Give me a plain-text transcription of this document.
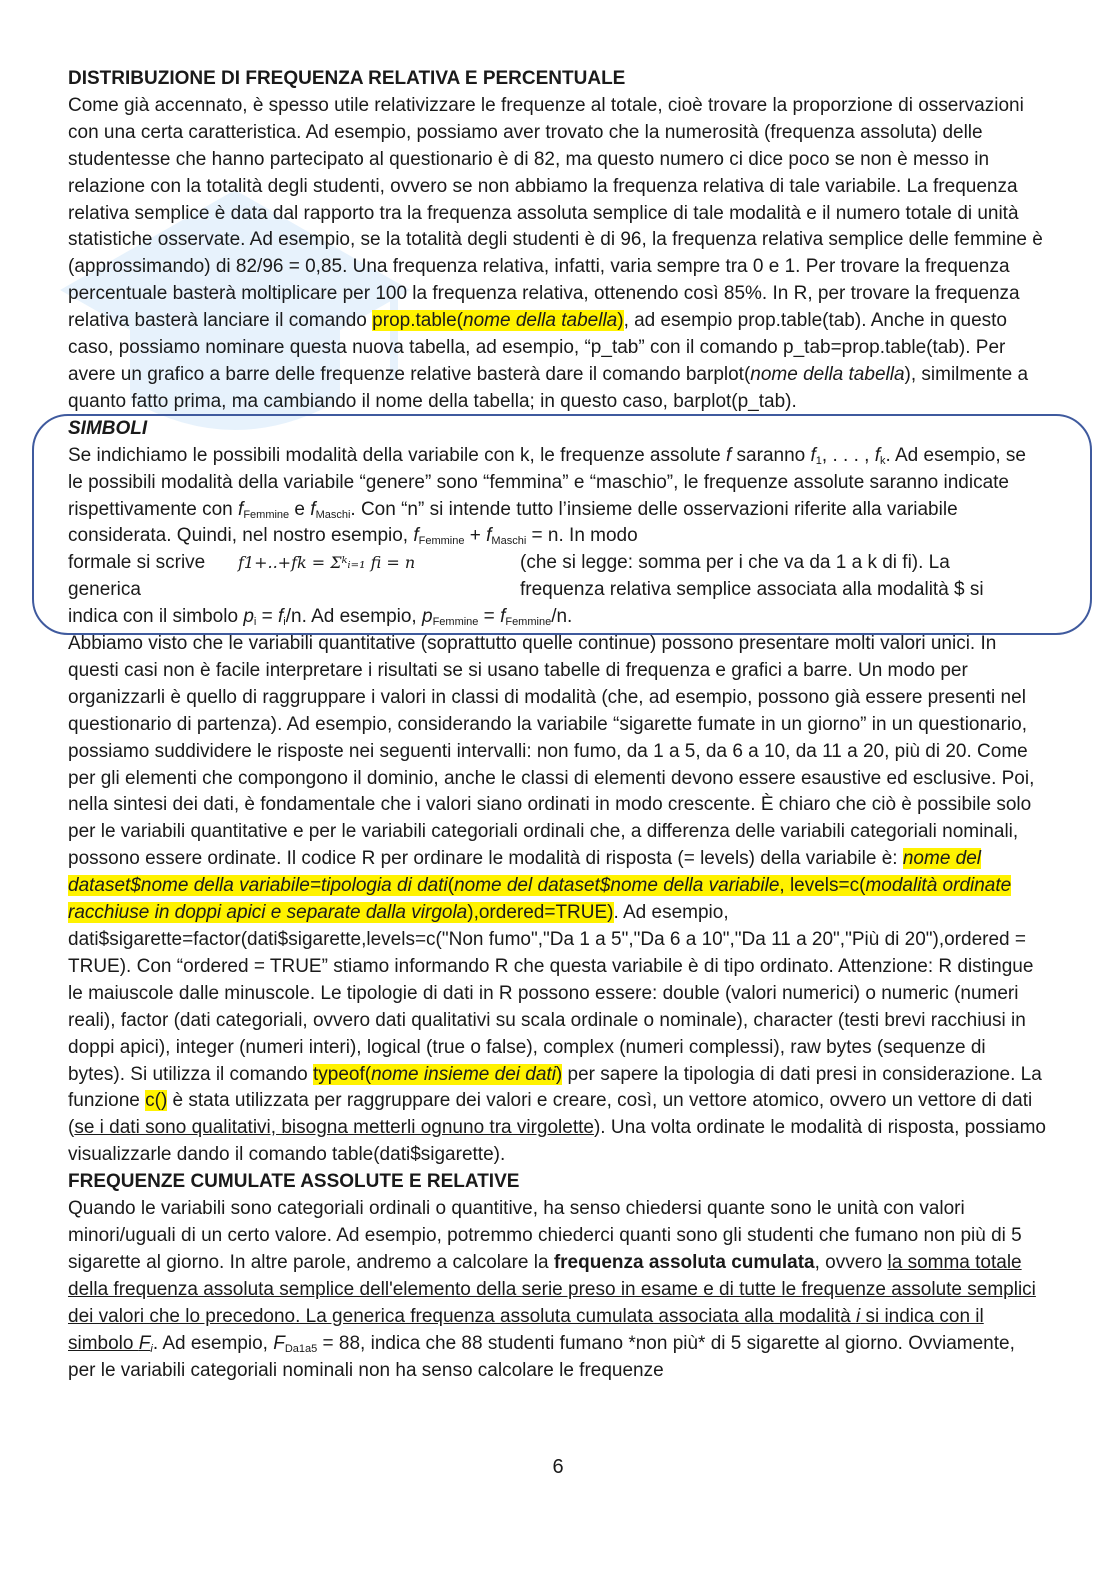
DISTRIBUZIONE DI FREQUENZA RELATIVA E PERCENTUALE

Come già accennato, è spesso utile relativizzare le frequenze al totale, cioè trovare la proporzione di osservazioni con una certa caratteristica. Ad esempio, possiamo aver trovato che la numerosità (frequenza assoluta) delle studentesse che hanno partecipato al questionario è di 82, ma questo numero ci dice poco se non è messo in relazione con la totalità degli studenti, ovvero se non abbiamo la frequenza relativa di tale variabile. La frequenza relativa semplice è data dal rapporto tra la frequenza assoluta semplice di tale modalità e il numero totale di unità statistiche osservate. Ad esempio, se la totalità degli studenti è di 96, la frequenza relativa semplice delle femmine è (approssimando) di 82/96 = 0,85. Una frequenza relativa, infatti, varia sempre tra 0 e 1. Per trovare la frequenza percentuale basterà moltiplicare per 100 la frequenza relativa, ottenendo così 85%. In R, per trovare la frequenza relativa basterà lanciare il comando prop.table(nome della tabella), ad esempio prop.table(tab). Anche in questo caso, possiamo nominare questa nuova tabella, ad esempio, “p_tab” con il comando p_tab=prop.table(tab). Per avere un grafico a barre delle frequenze relative basterà dare il comando barplot(nome della tabella), similmente a quanto fatto prima, ma cambiando il nome della tabella; in questo caso, barplot(p_tab).

SIMBOLI

Se indichiamo le possibili modalità della variabile con k, le frequenze assolute f saranno $f_1$, . . . , $f_k$. Ad esempio, se le possibili modalità della variabile “genere” sono “femmina” e “maschio”, le frequenze assolute saranno indicate rispettivamente con $f_{Femmine}$ e $f_{Maschi}$. Con “n” si intende tutto l’insieme delle osservazioni riferite alla variabile considerata. Quindi, nel nostro esempio, $f_{Femmine} + f_{Maschi} = n$. In modo

formale si scrive	f1+..+fk = Σᵏᵢ₌₁ fi = n	(che si legge: somma per i che va da 1 a k di fi). La
generica	frequenza relativa semplice associata alla modalità $ si

indica con il simbolo $p_i = f_i/n$. Ad esempio, $p_{Femmine} = f_{Femmine}/n$.

Abbiamo visto che le variabili quantitative (soprattutto quelle continue) possono presentare molti valori unici. In questi casi non è facile interpretare i risultati se si usano tabelle di frequenza e grafici a barre. Un modo per organizzarli è quello di raggruppare i valori in classi di modalità (che, ad esempio, possono già essere presenti nel questionario di partenza). Ad esempio, considerando la variabile “sigarette fumate in un giorno” in un questionario, possiamo suddividere le risposte nei seguenti intervalli: non fumo, da 1 a 5, da 6 a 10, da 11 a 20, più di 20. Come per gli elementi che compongono il dominio, anche le classi di elementi devono essere esaustive ed esclusive. Poi, nella sintesi dei dati, è fondamentale che i valori siano ordinati in modo crescente. È chiaro che ciò è possibile solo per le variabili quantitative e per le variabili categoriali ordinali che, a differenza delle variabili categoriali nominali, possono essere ordinate. Il codice R per ordinare le modalità di risposta (= levels) della variabile è: nome del dataset$nome della variabile=tipologia di dati(nome del dataset$nome della variabile, levels=c(modalità ordinate racchiuse in doppi apici e separate dalla virgola),ordered=TRUE). Ad esempio, dati$sigarette=factor(dati$sigarette,levels=c("Non fumo","Da 1 a 5","Da 6 a 10","Da 11 a 20","Più di 20"),ordered = TRUE). Con “ordered = TRUE” stiamo informando R che questa variabile è di tipo ordinato. Attenzione: R distingue le maiuscole dalle minuscole. Le tipologie di dati in R possono essere: double (valori numerici) o numeric (numeri reali), factor (dati categoriali, ovvero dati qualitativi su scala ordinale o nominale), character (testi brevi racchiusi in doppi apici), integer (numeri interi), logical (true o false), complex (numeri complessi), raw bytes (sequenze di bytes). Si utilizza il comando typeof(nome insieme dei dati) per sapere la tipologia di dati presi in considerazione. La funzione c() è stata utilizzata per raggruppare dei valori e creare, così, un vettore atomico, ovvero un vettore di dati (se i dati sono qualitativi, bisogna metterli ognuno tra virgolette). Una volta ordinate le modalità di risposta, possiamo visualizzarle dando il comando table(dati$sigarette).

FREQUENZE CUMULATE ASSOLUTE E RELATIVE

Quando le variabili sono categoriali ordinali o quantitive, ha senso chiedersi quante sono le unità con valori minori/uguali di un certo valore. Ad esempio, potremmo chiederci quanti sono gli studenti che fumano non più di 5 sigarette al giorno. In altre parole, andremo a calcolare la frequenza assoluta cumulata, ovvero la somma totale della frequenza assoluta semplice dell'elemento della serie preso in esame e di tutte le frequenze assolute semplici dei valori che lo precedono. La generica frequenza assoluta cumulata associata alla modalità i si indica con il simbolo $F_i$. Ad esempio, $F_{Da1a5} = 88$, indica che 88 studenti fumano *non più* di 5 sigarette al giorno. Ovviamente, per le variabili categoriali nominali non ha senso calcolare le frequenze

6
